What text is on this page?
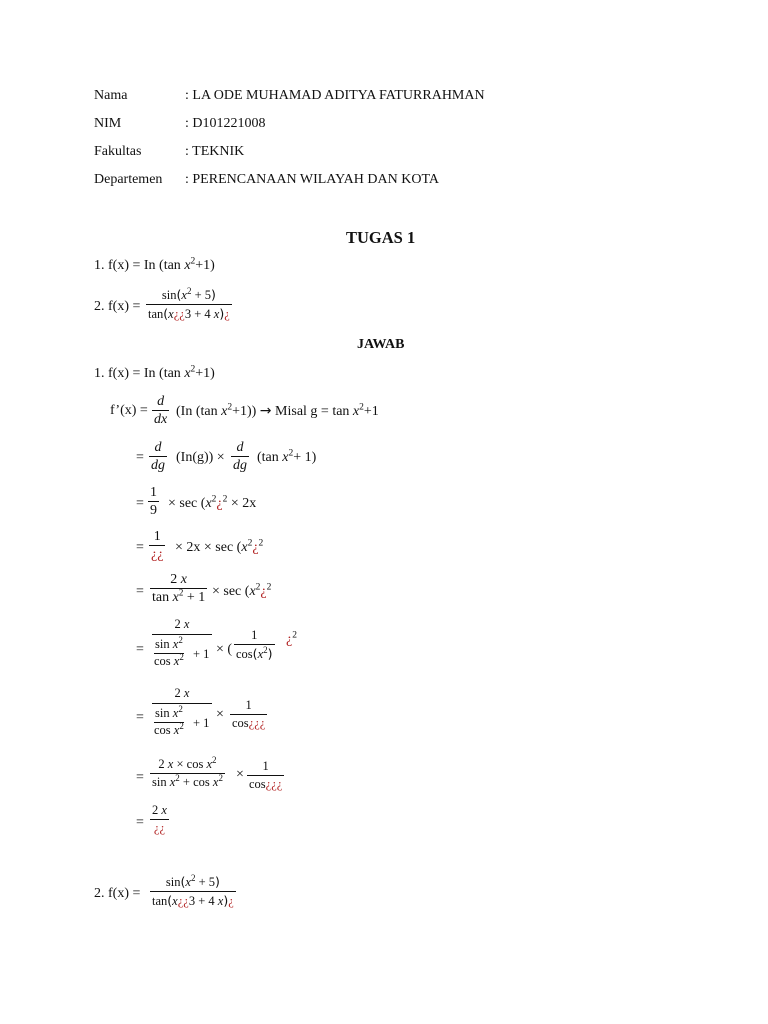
Nama	: LA ODE MUHAMAD ADITYA FATURRAHMAN
NIM	: D101221008
Fakultas	: TEKNIK
Departemen : PERENCANAAN WILAYAH DAN KOTA
TUGAS 1
1. f(x) = In (tan $x^2+1$)
2. f(x) =
$\sin(x^2 + 5)$
tan(x¿¿3 + 4 x)¿
JAWAB
1. f(x) = In (tan $x^2+1$)
f’(x) =
d
dx
(In (tan $x^2+1$)) → Misal $g = \tan x^2+1$
=
d
dg
(In(g)) ×
d
dg
(tan $x^2+ 1$)
=
1
$9 \times \sec (x^2¿^2 \times 2x$
=
1
¿¿ × $2x \times \sec (x^2¿^2$
=
2 x
$\tan x^2 + 1 \times \sec$ ($x^2¿^2$
=
2 x
$\sin x^2$
$\cos x^2 + 1$ × (
1
$\cos(x^2)$
¿$^2$
=
2 x
$\sin x^2$
$\cos x^2 + 1$
×
1
cos¿¿¿
=
2 $x \times \cos x^2$
$\sin x^2 + \cos x^2$ ×
1
cos¿¿¿
=
2 x
¿¿
2. f(x) =
$\sin(x^2 + 5)$
tan(x¿¿3 + 4 x)¿
